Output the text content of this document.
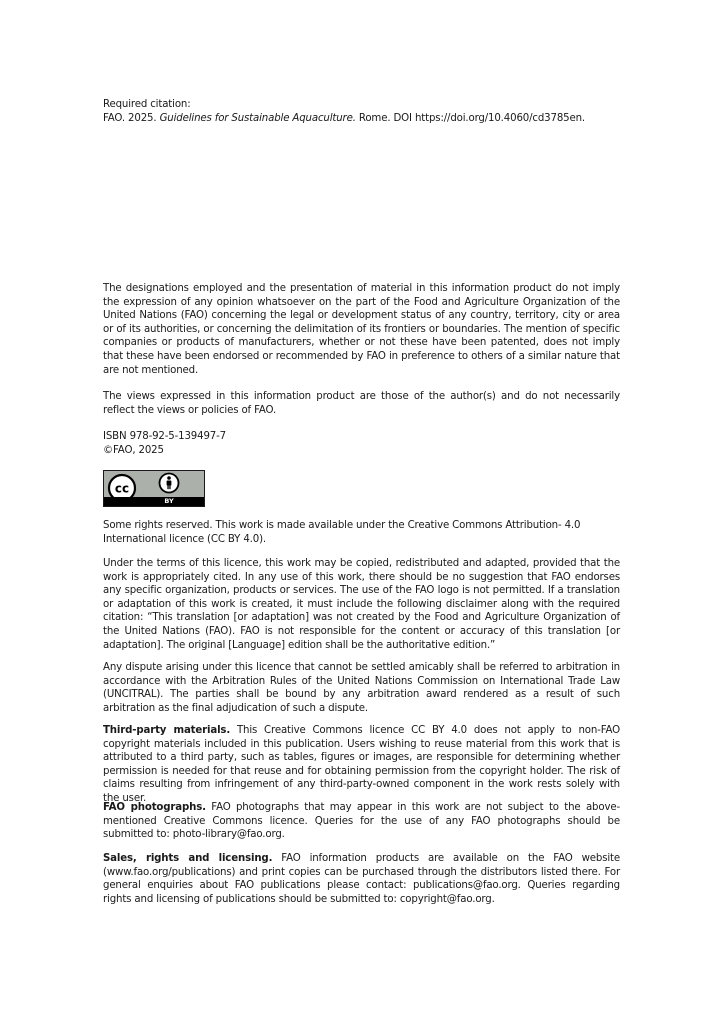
Required citation:
FAO. 2025. Guidelines for Sustainable Aquaculture. Rome. DOI https://doi.org/10.4060/cd3785en.
The designations employed and the presentation of material in this information product do not imply the expression of any opinion whatsoever on the part of the Food and Agriculture Organization of the United Nations (FAO) concerning the legal or development status of any country, territory, city or area or of its authorities, or concerning the delimitation of its frontiers or boundaries. The mention of specific companies or products of manufacturers, whether or not these have been patented, does not imply that these have been endorsed or recommended by FAO in preference to others of a similar nature that are not mentioned.
The views expressed in this information product are those of the author(s) and do not necessarily reflect the views or policies of FAO.
ISBN 978-92-5-139497-7
©FAO, 2025
cc
BY
Some rights reserved. This work is made available under the Creative Commons Attribution- 4.0 International licence (CC BY 4.0).
Under the terms of this licence, this work may be copied, redistributed and adapted, provided that the work is appropriately cited. In any use of this work, there should be no suggestion that FAO endorses any specific organization, products or services. The use of the FAO logo is not permitted. If a translation or adaptation of this work is created, it must include the following disclaimer along with the required citation: “This translation [or adaptation] was not created by the Food and Agriculture Organization of the United Nations (FAO). FAO is not responsible for the content or accuracy of this translation [or adaptation]. The original [Language] edition shall be the authoritative edition.”
Any dispute arising under this licence that cannot be settled amicably shall be referred to arbitration in accordance with the Arbitration Rules of the United Nations Commission on International Trade Law (UNCITRAL). The parties shall be bound by any arbitration award rendered as a result of such arbitration as the final adjudication of such a dispute.
Third-party materials. This Creative Commons licence CC BY 4.0 does not apply to non-FAO copyright materials included in this publication. Users wishing to reuse material from this work that is attributed to a third party, such as tables, figures or images, are responsible for determining whether permission is needed for that reuse and for obtaining permission from the copyright holder. The risk of claims resulting from infringement of any third-party-owned component in the work rests solely with the user.
FAO photographs. FAO photographs that may appear in this work are not subject to the above-mentioned Creative Commons licence. Queries for the use of any FAO photographs should be submitted to: photo-library@fao.org.
Sales, rights and licensing. FAO information products are available on the FAO website (www.fao.org/publications) and print copies can be purchased through the distributors listed there. For general enquiries about FAO publications please contact: publications@fao.org. Queries regarding rights and licensing of publications should be submitted to: copyright@fao.org.
